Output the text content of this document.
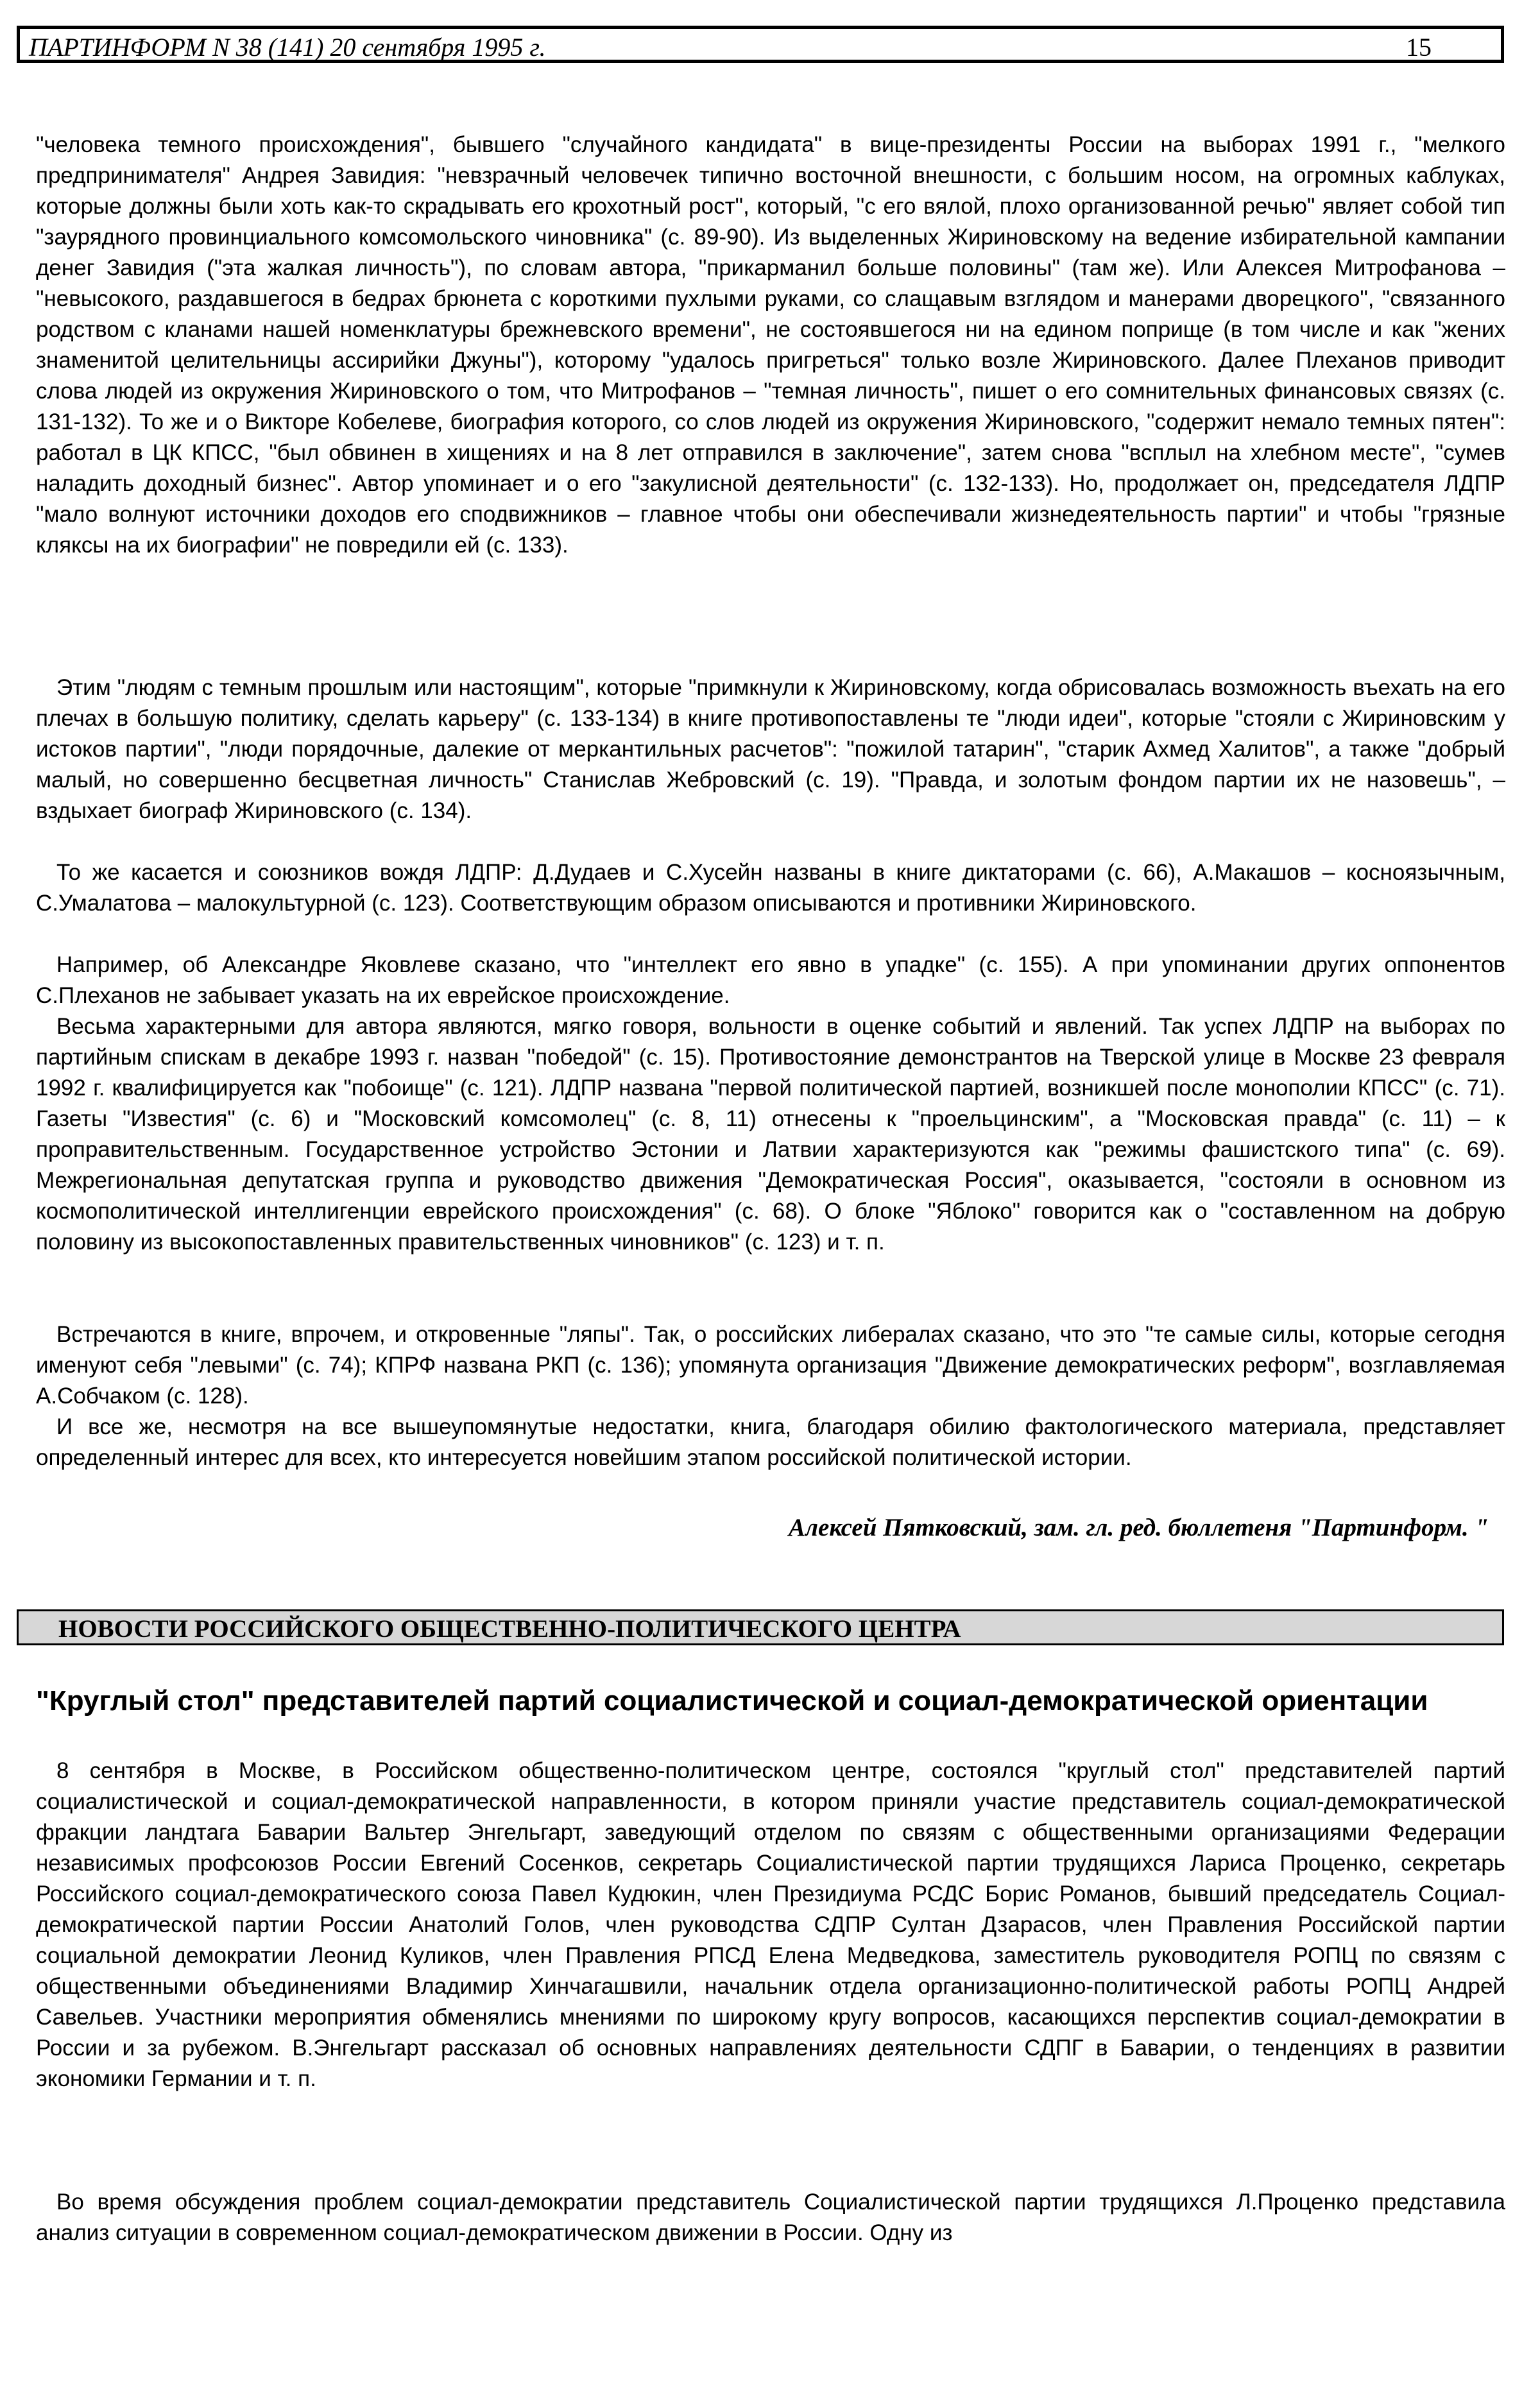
ПАРТИНФОРМ N 38 (141) 20 сентября 1995 г.	15

"человека темного происхождения", бывшего "случайного кандидата" в вице-президенты России на выборах 1991 г., "мелкого предпринимателя" Андрея Завидия: "невзрачный человечек типично восточной внешности, с большим носом, на огромных каблуках, которые должны были хоть как-то скрадывать его крохотный рост", который, "с его вялой, плохо организованной речью" являет собой тип "заурядного провинциального комсомольского чиновника" (с. 89-90). Из выделенных Жириновскому на ведение избирательной кампании денег Завидия ("эта жалкая личность"), по словам автора, "прикарманил больше половины" (там же). Или Алексея Митрофанова – "невысокого, раздавшегося в бедрах брюнета с короткими пухлыми руками, со слащавым взглядом и манерами дворецкого", "связанного родством с кланами нашей номенклатуры брежневского времени", не состоявшегося ни на едином поприще (в том числе и как "жених знаменитой целительницы ассирийки Джуны"), которому "удалось пригреться" только возле Жириновского. Далее Плеханов приводит слова людей из окружения Жириновского о том, что Митрофанов – "темная личность", пишет о его сомнительных финансовых связях (с. 131-132). То же и о Викторе Кобелеве, биография которого, со слов людей из окружения Жириновского, "содержит немало темных пятен": работал в ЦК КПСС, "был обвинен в хищениях и на 8 лет отправился в заключение", затем снова "всплыл на хлебном месте", "сумев наладить доходный бизнес". Автор упоминает и о его "закулисной деятельности" (с. 132-133). Но, продолжает он, председателя ЛДПР "мало волнуют источники доходов его сподвижников – главное чтобы они обеспечивали жизнедеятельность партии" и чтобы "грязные кляксы на их биографии" не повредили ей (с. 133).

Этим "людям с темным прошлым или настоящим", которые "примкнули к Жириновскому, когда обрисовалась возможность въехать на его плечах в большую политику, сделать карьеру" (с. 133-134) в книге противопоставлены те "люди идеи", которые "стояли с Жириновским у истоков партии", "люди порядочные, далекие от меркантильных расчетов": "пожилой татарин", "старик Ахмед Халитов", а также "добрый малый, но совершенно бесцветная личность" Станислав Жебровский (с. 19). "Правда, и золотым фондом партии их не назовешь", – вздыхает биограф Жириновского (с. 134).

То же касается и союзников вождя ЛДПР: Д.Дудаев и С.Хусейн названы в книге диктаторами (с. 66), А.Макашов – косноязычным, С.Умалатова – малокультурной (с. 123). Соответствующим образом описываются и противники Жириновского.

Например, об Александре Яковлеве сказано, что "интеллект его явно в упадке" (с. 155). А при упоминании других оппонентов С.Плеханов не забывает указать на их еврейское происхождение.

Весьма характерными для автора являются, мягко говоря, вольности в оценке событий и явлений. Так успех ЛДПР на выборах по партийным спискам в декабре 1993 г. назван "победой" (с. 15). Противостояние демонстрантов на Тверской улице в Москве 23 февраля 1992 г. квалифицируется как "побоище" (с. 121). ЛДПР названа "первой политической партией, возникшей после монополии КПСС" (с. 71). Газеты "Известия" (с. 6) и "Московский комсомолец" (с. 8, 11) отнесены к "проельцинским", а "Московская правда" (с. 11) – к проправительственным. Государственное устройство Эстонии и Латвии характеризуются как "режимы фашистского типа" (с. 69). Межрегиональная депутатская группа и руководство движения "Демократическая Россия", оказывается, "состояли в основном из космополитической интеллигенции еврейского происхождения" (с. 68). О блоке "Яблоко" говорится как о "составленном на добрую половину из высокопоставленных правительственных чиновников" (с. 123) и т. п.

Встречаются в книге, впрочем, и откровенные "ляпы". Так, о российских либералах сказано, что это "те самые силы, которые сегодня именуют себя "левыми" (с. 74); КПРФ названа РКП (с. 136); упомянута организация "Движение демократических реформ", возглавляемая А.Собчаком (с. 128).

И все же, несмотря на все вышеупомянутые недостатки, книга, благодаря обилию фактологического материала, представляет определенный интерес для всех, кто интересуется новейшим этапом российской политической истории.

Алексей Пятковский, зам. гл. ред. бюллетеня "Партинформ. "

НОВОСТИ РОССИЙСКОГО ОБЩЕСТВЕННО-ПОЛИТИЧЕСКОГО ЦЕНТРА
"Круглый стол" представителей партий социалистической и социал-демократической ориентации

8 сентября в Москве, в Российском общественно-политическом центре, состоялся "круглый стол" представителей партий социалистической и социал-демократической направленности, в котором приняли участие представитель социал-демократической фракции ландтага Баварии Вальтер Энгельгарт, заведующий отделом по связям с общественными организациями Федерации независимых профсоюзов России Евгений Сосенков, секретарь Социалистической партии трудящихся Лариса Проценко, секретарь Российского социал-демократического союза Павел Кудюкин, член Президиума РСДС Борис Романов, бывший председатель Социал-демократической партии России Анатолий Голов, член руководства СДПР Султан Дзарасов, член Правления Российской партии социальной демократии Леонид Куликов, член Правления РПСД Елена Медведкова, заместитель руководителя РОПЦ по связям с общественными объединениями Владимир Хинчагашвили, начальник отдела организационно-политической работы РОПЦ Андрей Савельев. Участники мероприятия обменялись мнениями по широкому кругу вопросов, касающихся перспектив социал-демократии в России и за рубежом. В.Энгельгарт рассказал об основных направлениях деятельности СДПГ в Баварии, о тенденциях в развитии экономики Германии и т. п.

Во время обсуждения проблем социал-демократии представитель Социалистической партии трудящихся Л.Проценко представила анализ ситуации в современном социал-демократическом движении в России. Одну из
